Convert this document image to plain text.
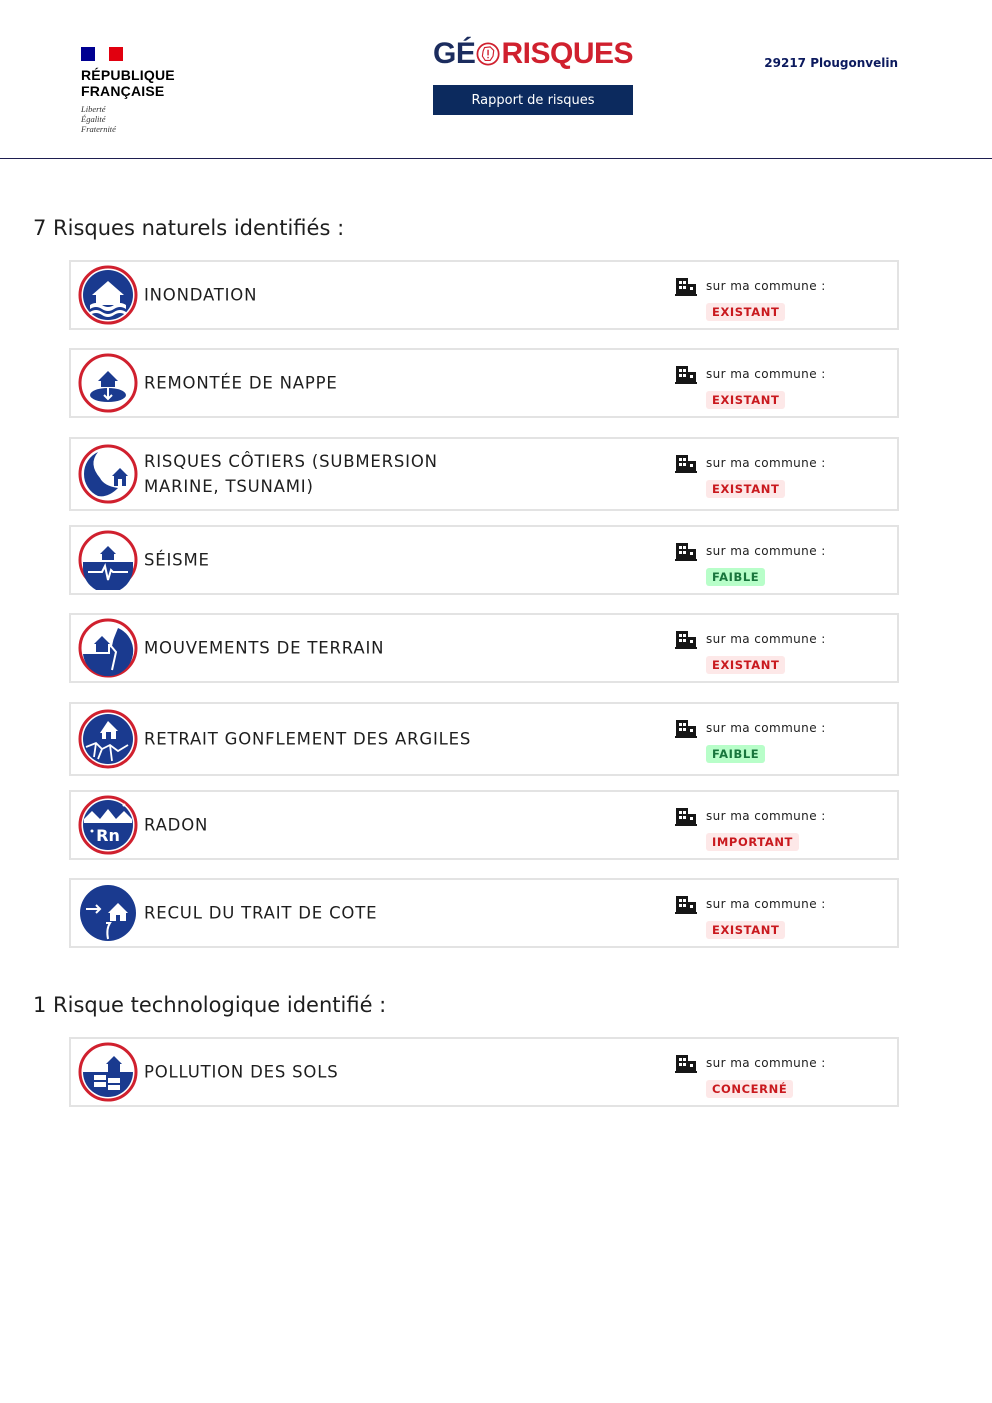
RÉPUBLIQUE
FRANÇAISE
Liberté
Égalité
Fraternité
GÉ RISQUES
Rapport de risques
29217 Plougonvelin
7 Risques naturels identifiés :
INONDATION	sur ma commune :
EXISTANT
REMONTÉE DE NAPPE	sur ma commune :
EXISTANT
RISQUES CÔTIERS (SUBMERSION MARINE, TSUNAMI)
sur ma commune :
EXISTANT
SÉISME	sur ma commune :
FAIBLE
MOUVEMENTS DE TERRAIN	sur ma commune :
EXISTANT
RETRAIT GONFLEMENT DES ARGILES
sur ma commune :
FAIBLE
Rn
RADON	sur ma commune :
IMPORTANT
RECUL DU TRAIT DE COTE	sur ma commune :
EXISTANT
1 Risque technologique identifié :
POLLUTION DES SOLS	sur ma commune :
CONCERNÉ
